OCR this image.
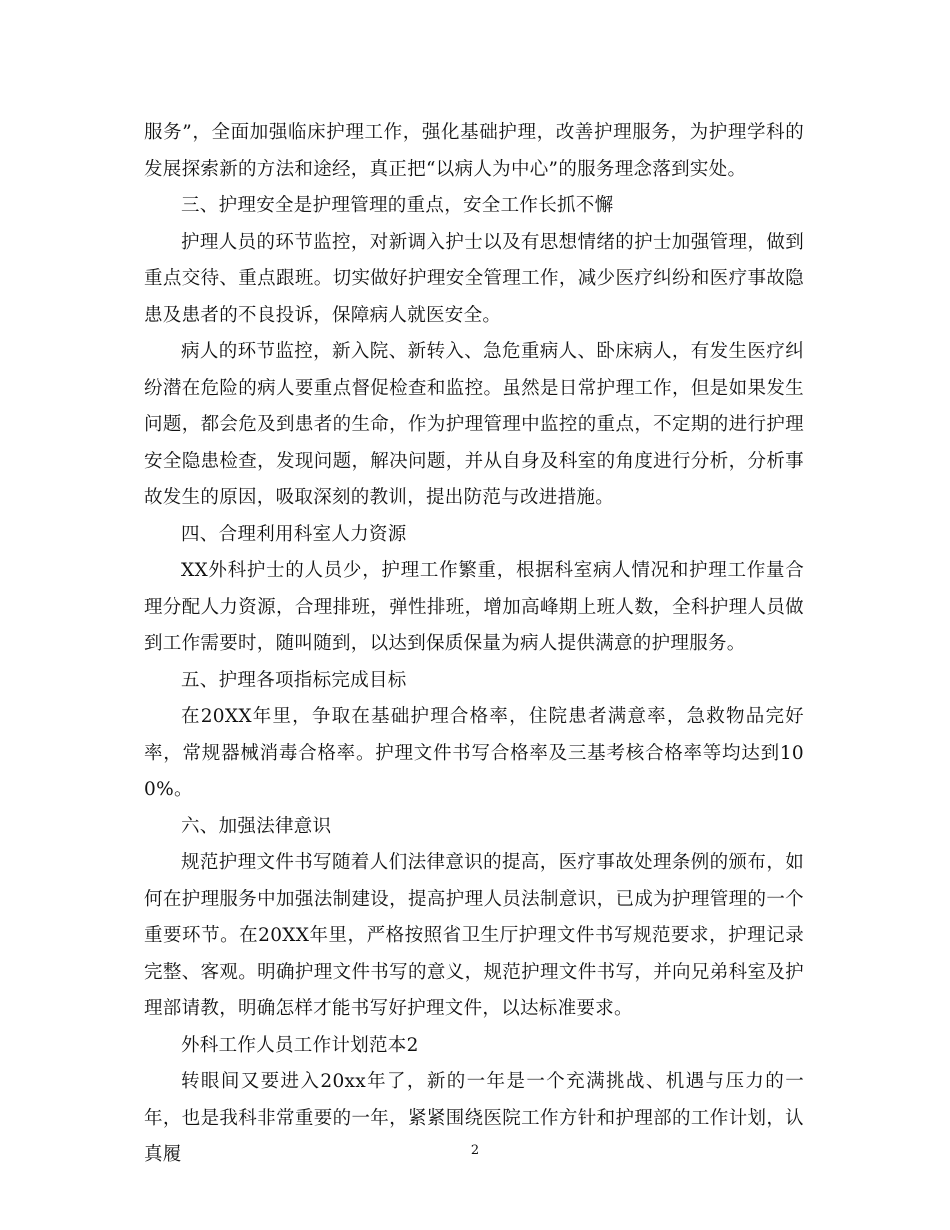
服务”，全面加强临床护理工作，强化基础护理，改善护理服务，为护理学科的发展探索新的方法和途经，真正把“以病人为中心”的服务理念落到实处。

三、护理安全是护理管理的重点，安全工作长抓不懈

护理人员的环节监控，对新调入护士以及有思想情绪的护士加强管理，做到重点交待、重点跟班。切实做好护理安全管理工作，减少医疗纠纷和医疗事故隐患及患者的不良投诉，保障病人就医安全。

病人的环节监控，新入院、新转入、急危重病人、卧床病人，有发生医疗纠纷潜在危险的病人要重点督促检查和监控。虽然是日常护理工作，但是如果发生问题，都会危及到患者的生命，作为护理管理中监控的重点，不定期的进行护理安全隐患检查，发现问题，解决问题，并从自身及科室的角度进行分析，分析事故发生的原因，吸取深刻的教训，提出防范与改进措施。

四、合理利用科室人力资源

XX外科护士的人员少，护理工作繁重，根据科室病人情况和护理工作量合理分配人力资源，合理排班，弹性排班，增加高峰期上班人数，全科护理人员做到工作需要时，随叫随到，以达到保质保量为病人提供满意的护理服务。

五、护理各项指标完成目标

在20XX年里，争取在基础护理合格率，住院患者满意率，急救物品完好率，常规器械消毒合格率。护理文件书写合格率及三基考核合格率等均达到100%。

六、加强法律意识

规范护理文件书写随着人们法律意识的提高，医疗事故处理条例的颁布，如何在护理服务中加强法制建设，提高护理人员法制意识，已成为护理管理的一个重要环节。在20XX年里，严格按照省卫生厅护理文件书写规范要求，护理记录完整、客观。明确护理文件书写的意义，规范护理文件书写，并向兄弟科室及护理部请教，明确怎样才能书写好护理文件，以达标准要求。

外科工作人员工作计划范本2

转眼间又要进入20xx年了，新的一年是一个充满挑战、机遇与压力的一年，也是我科非常重要的一年，紧紧围绕医院工作方针和护理部的工作计划，认真履	2
